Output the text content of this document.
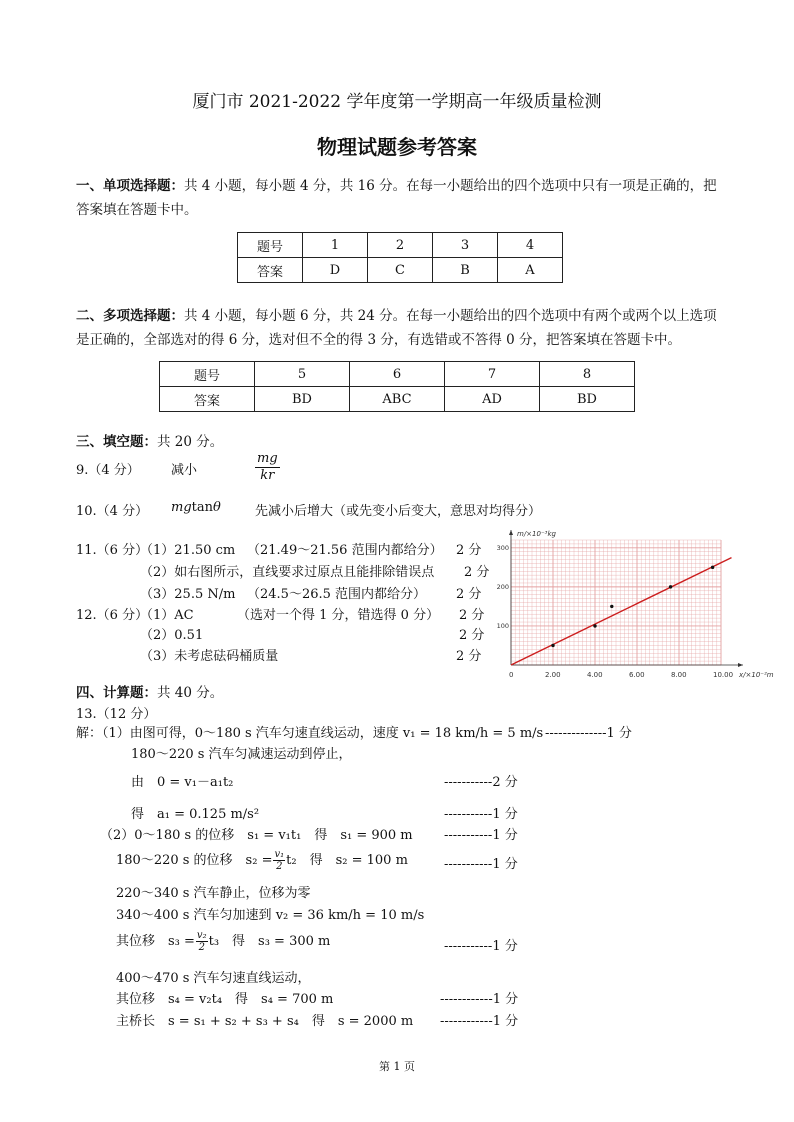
厦门市 2021-2022 学年度第一学期高一年级质量检测
物理试题参考答案
一、单项选择题：共 4 小题，每小题 4 分，共 16 分。在每一小题给出的四个选项中只有一项是正确的，把
答案填在答题卡中。
题号	1	2	3	4
答案	D	C	B	A
二、多项选择题：共 4 小题，每小题 6 分，共 24 分。在每一小题给出的四个选项中有两个或两个以上选项
是正确的，全部选对的得 6 分，选对但不全的得 3 分，有选错或不答得 0 分，把答案填在答题卡中。
题号	5	6	7	8
答案	BD	ABC	AD	BD
三、填空题：共 20 分。
9.（4 分） 减小	$\frac{mg}{kr}$
10.（4 分） mgtanθ	先减小后增大（或先变小后变大，意思对均得分）
11.（6 分）
（1）21.50 cm （21.49～21.56 范围内都给分） 2 分
（2）如右图所示，直线要求过原点且能排除错误点 2 分
（3）25.5 N/m （24.5～26.5 范围内都给分） 2 分
12.（6 分）
（1）AC	（选对一个得 1 分，错选得 0 分） 2 分
（2）0.51	2 分
（3）未考虑砝码桶质量	2 分
0	2.00	4.00	6.00	8.00	10.00
100
200
300
m/×10⁻³kg
x/×10⁻²m
四、计算题：共 40 分。
13.（12 分）
解：（1）由图可得，0～180 s 汽车匀速直线运动，速度 v₁ = 18 km/h = 5 m/s --------------1 分
180～220 s 汽车匀减速运动到停止，
由　0 = v₁－a₁t₂	-----------2 分
得　a₁ = 0.125 m/s²	-----------1 分
（2）0～180 s 的位移　s₁ = v₁t₁　得　s₁ = 900 m -----------1 分
180～220 s 的位移　$s_2 = \frac{\text{v₁}}{2} t_2$　得　s₂ = 100 m	-----------1 分
220～340 s 汽车静止，位移为零
340～400 s 汽车匀加速到 v₂ = 36 km/h = 10 m/s
其位移　$s_3 = \frac{\text{v₂}}{2} t_3$　得　s₃ = 300 m	-----------1 分
400～470 s 汽车匀速直线运动，
其位移　s₄ = v₂t₄　得　s₄ = 700 m	------------1 分
主桥长　s = s₁ + s₂ + s₃ + s₄　得　s = 2000 m ------------1 分
第 1 页
